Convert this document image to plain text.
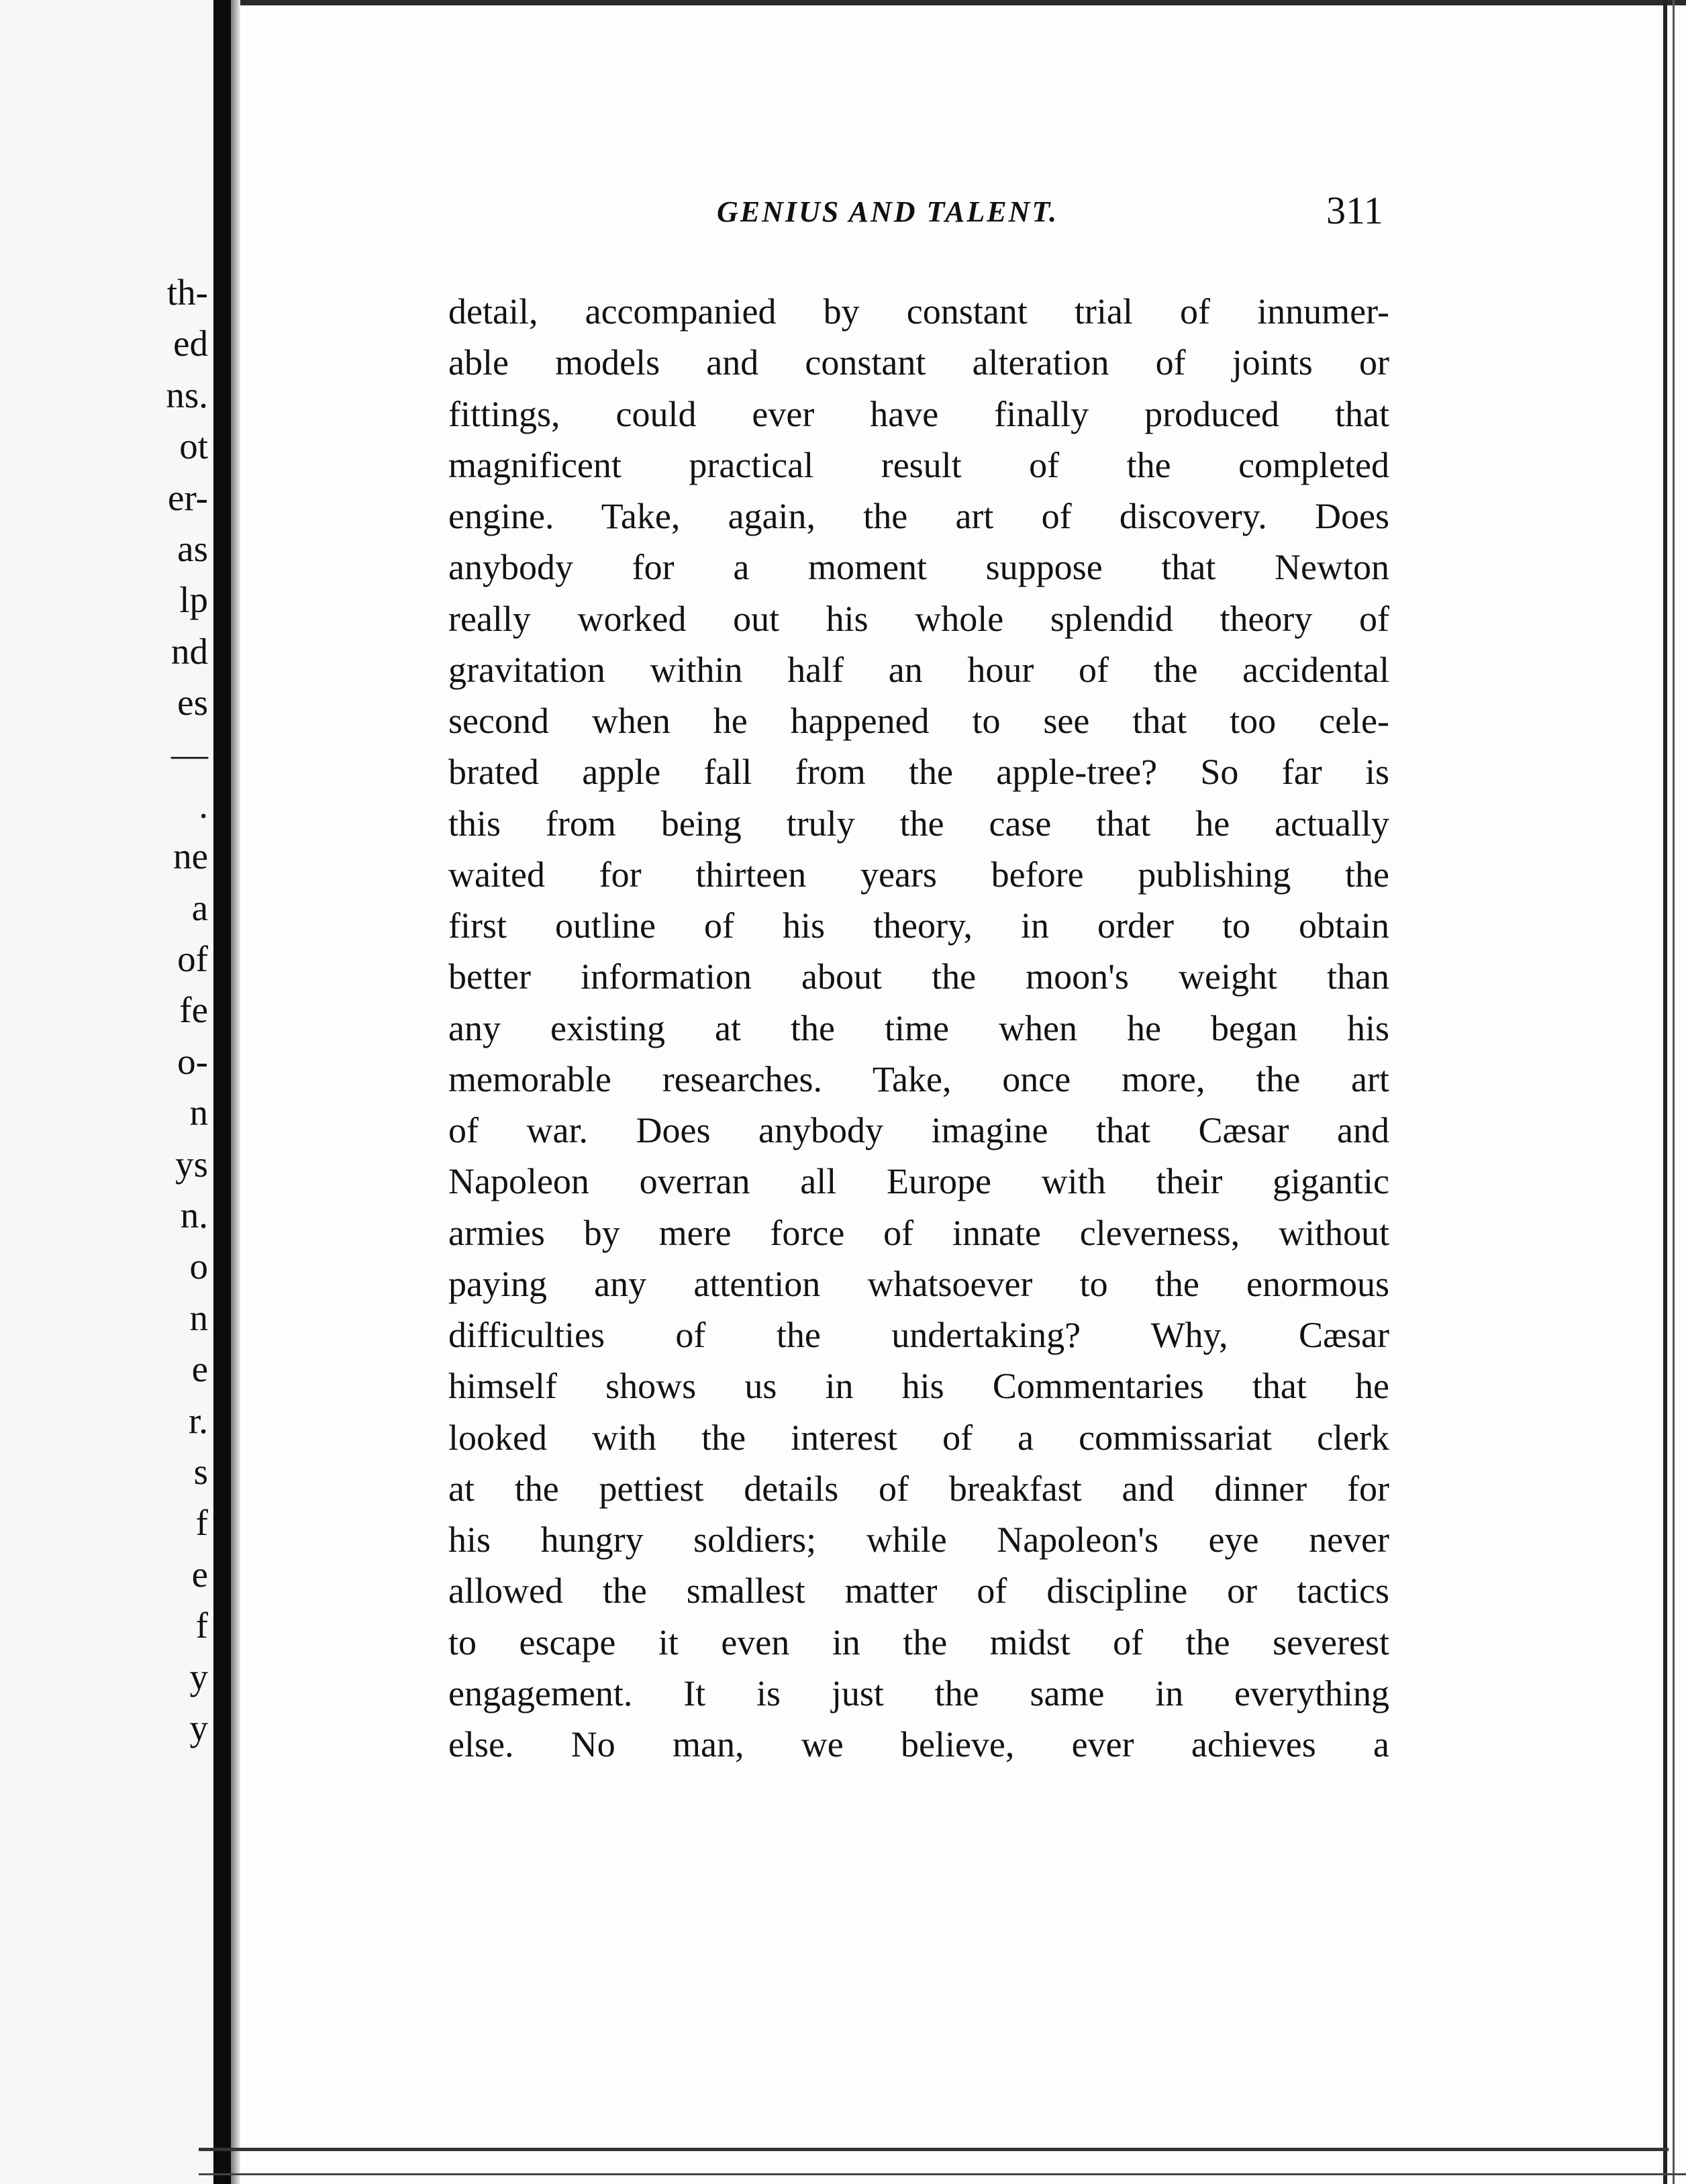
th-
ed
ns.
ot
er-
as
lp
nd
es
—
.
ne
a
of
fe
o-
n
ys
n.
o
n
e
r.
s
f
e
f
y
y
GENIUS AND TALENT.	311
detail, accompanied by constant trial of innumer-
able models and constant alteration of joints or
fittings, could ever have finally produced that
magnificent practical result of the completed
engine. Take, again, the art of discovery. Does
anybody for a moment suppose that Newton
really worked out his whole splendid theory of
gravitation within half an hour of the accidental
second when he happened to see that too cele-
brated apple fall from the apple-tree? So far is
this from being truly the case that he actually
waited for thirteen years before publishing the
first outline of his theory, in order to obtain
better information about the moon's weight than
any existing at the time when he began his
memorable researches. Take, once more, the art
of war. Does anybody imagine that Cæsar and
Napoleon overran all Europe with their gigantic
armies by mere force of innate cleverness, without
paying any attention whatsoever to the enormous
difficulties of the undertaking? Why, Cæsar
himself shows us in his Commentaries that he
looked with the interest of a commissariat clerk
at the pettiest details of breakfast and dinner for
his hungry soldiers; while Napoleon's eye never
allowed the smallest matter of discipline or tactics
to escape it even in the midst of the severest
engagement. It is just the same in everything
else. No man, we believe, ever achieves a
